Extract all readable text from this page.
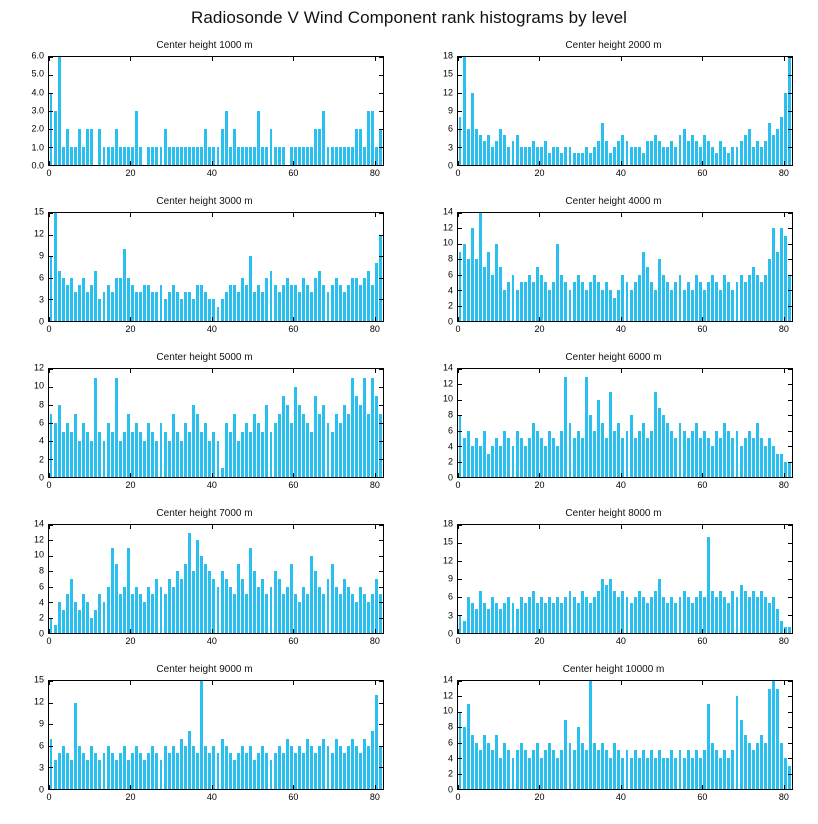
Radiosonde V Wind Component rank histograms by level
Center height 1000 m
0.0
1.0
2.0
3.0
4.0
5.0
6.0
0	20	40	60	80
Center height 2000 m
0
3
6
9
12
15
18
0	20	40	60	80
Center height 3000 m
0
3
6
9
12
15
0	20	40	60	80
Center height 4000 m
0
2
4
6
8
10
12
14
0	20	40	60	80
Center height 5000 m
0
2
4
6
8
10
12
0	20	40	60	80
Center height 6000 m
0
2
4
6
8
10
12
14
0	20	40	60	80
Center height 7000 m
0
2
4
6
8
10
12
14
0	20	40	60	80
Center height 8000 m
0
3
6
9
12
15
18
0	20	40	60	80
Center height 9000 m
0
3
6
9
12
15
0	20	40	60	80
Center height 10000 m
0
2
4
6
8
10
12
14
0	20	40	60	80
